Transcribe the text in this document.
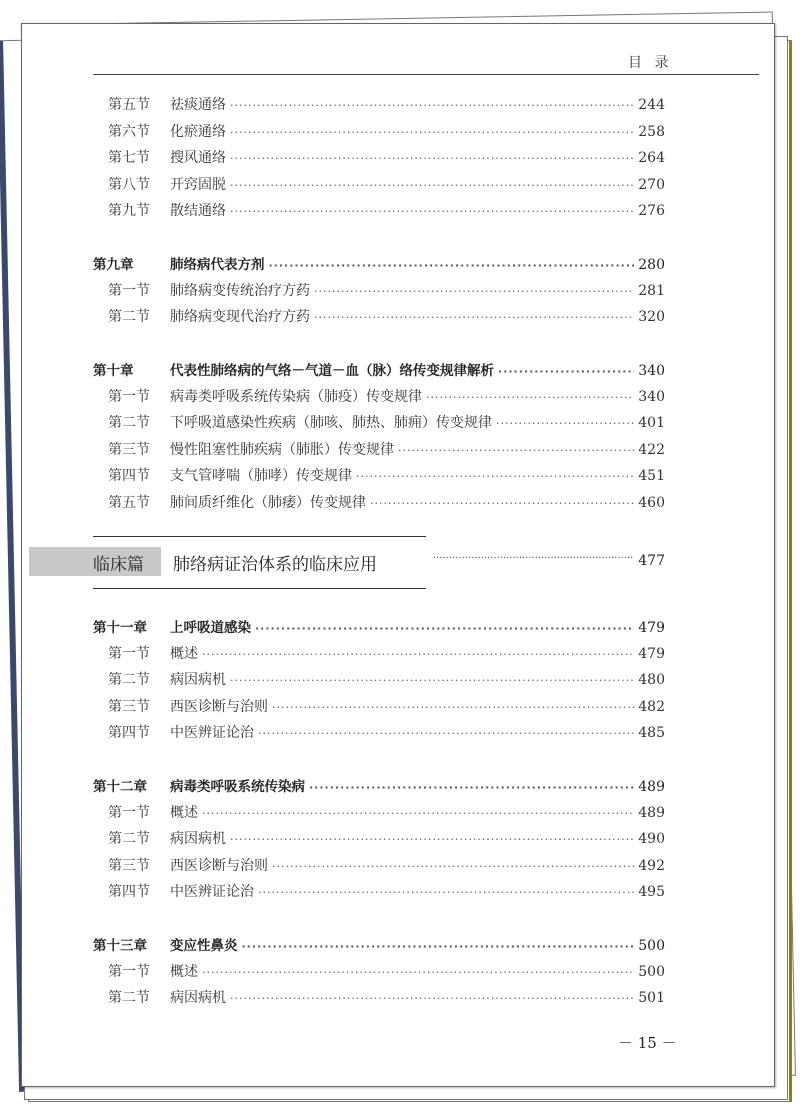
目 录
第五节	祛痰通络 ·····	244
第六节	化瘀通络 ·····	258
第七节	搜风通络 ·····	264
第八节	开窍固脱 ·····	270
第九节	散结通络 ·····	276
第九章	肺络病代表方剂 ·····	280
第一节	肺络病变传统治疗方药 ·····	281
第二节	肺络病变现代治疗方药 ·····	320
第十章	代表性肺络病的气络－气道－血（脉）络传变规律解析 ·····	340
第一节	病毒类呼吸系统传染病（肺疫）传变规律 ·····	340
第二节	下呼吸道感染性疾病（肺咳、肺热、肺痈）传变规律 ·····	401
第三节	慢性阻塞性肺疾病（肺胀）传变规律 ·····	422
第四节	支气管哮喘（肺哮）传变规律 ·····	451
第五节	肺间质纤维化（肺痿）传变规律 ·····	460
临床篇 肺络病证治体系的临床应用 ·····	477
第十一章	上呼吸道感染 ·····	479
第一节	概述 ·····	479
第二节	病因病机 ·····	480
第三节	西医诊断与治则 ·····	482
第四节	中医辨证论治 ·····	485
第十二章	病毒类呼吸系统传染病 ·····	489
第一节	概述 ·····	489
第二节	病因病机 ·····	490
第三节	西医诊断与治则 ·····	492
第四节	中医辨证论治 ·····	495
第十三章	变应性鼻炎 ·····	500
第一节	概述 ·····	500
第二节	病因病机 ·····	501
－ 15 －
